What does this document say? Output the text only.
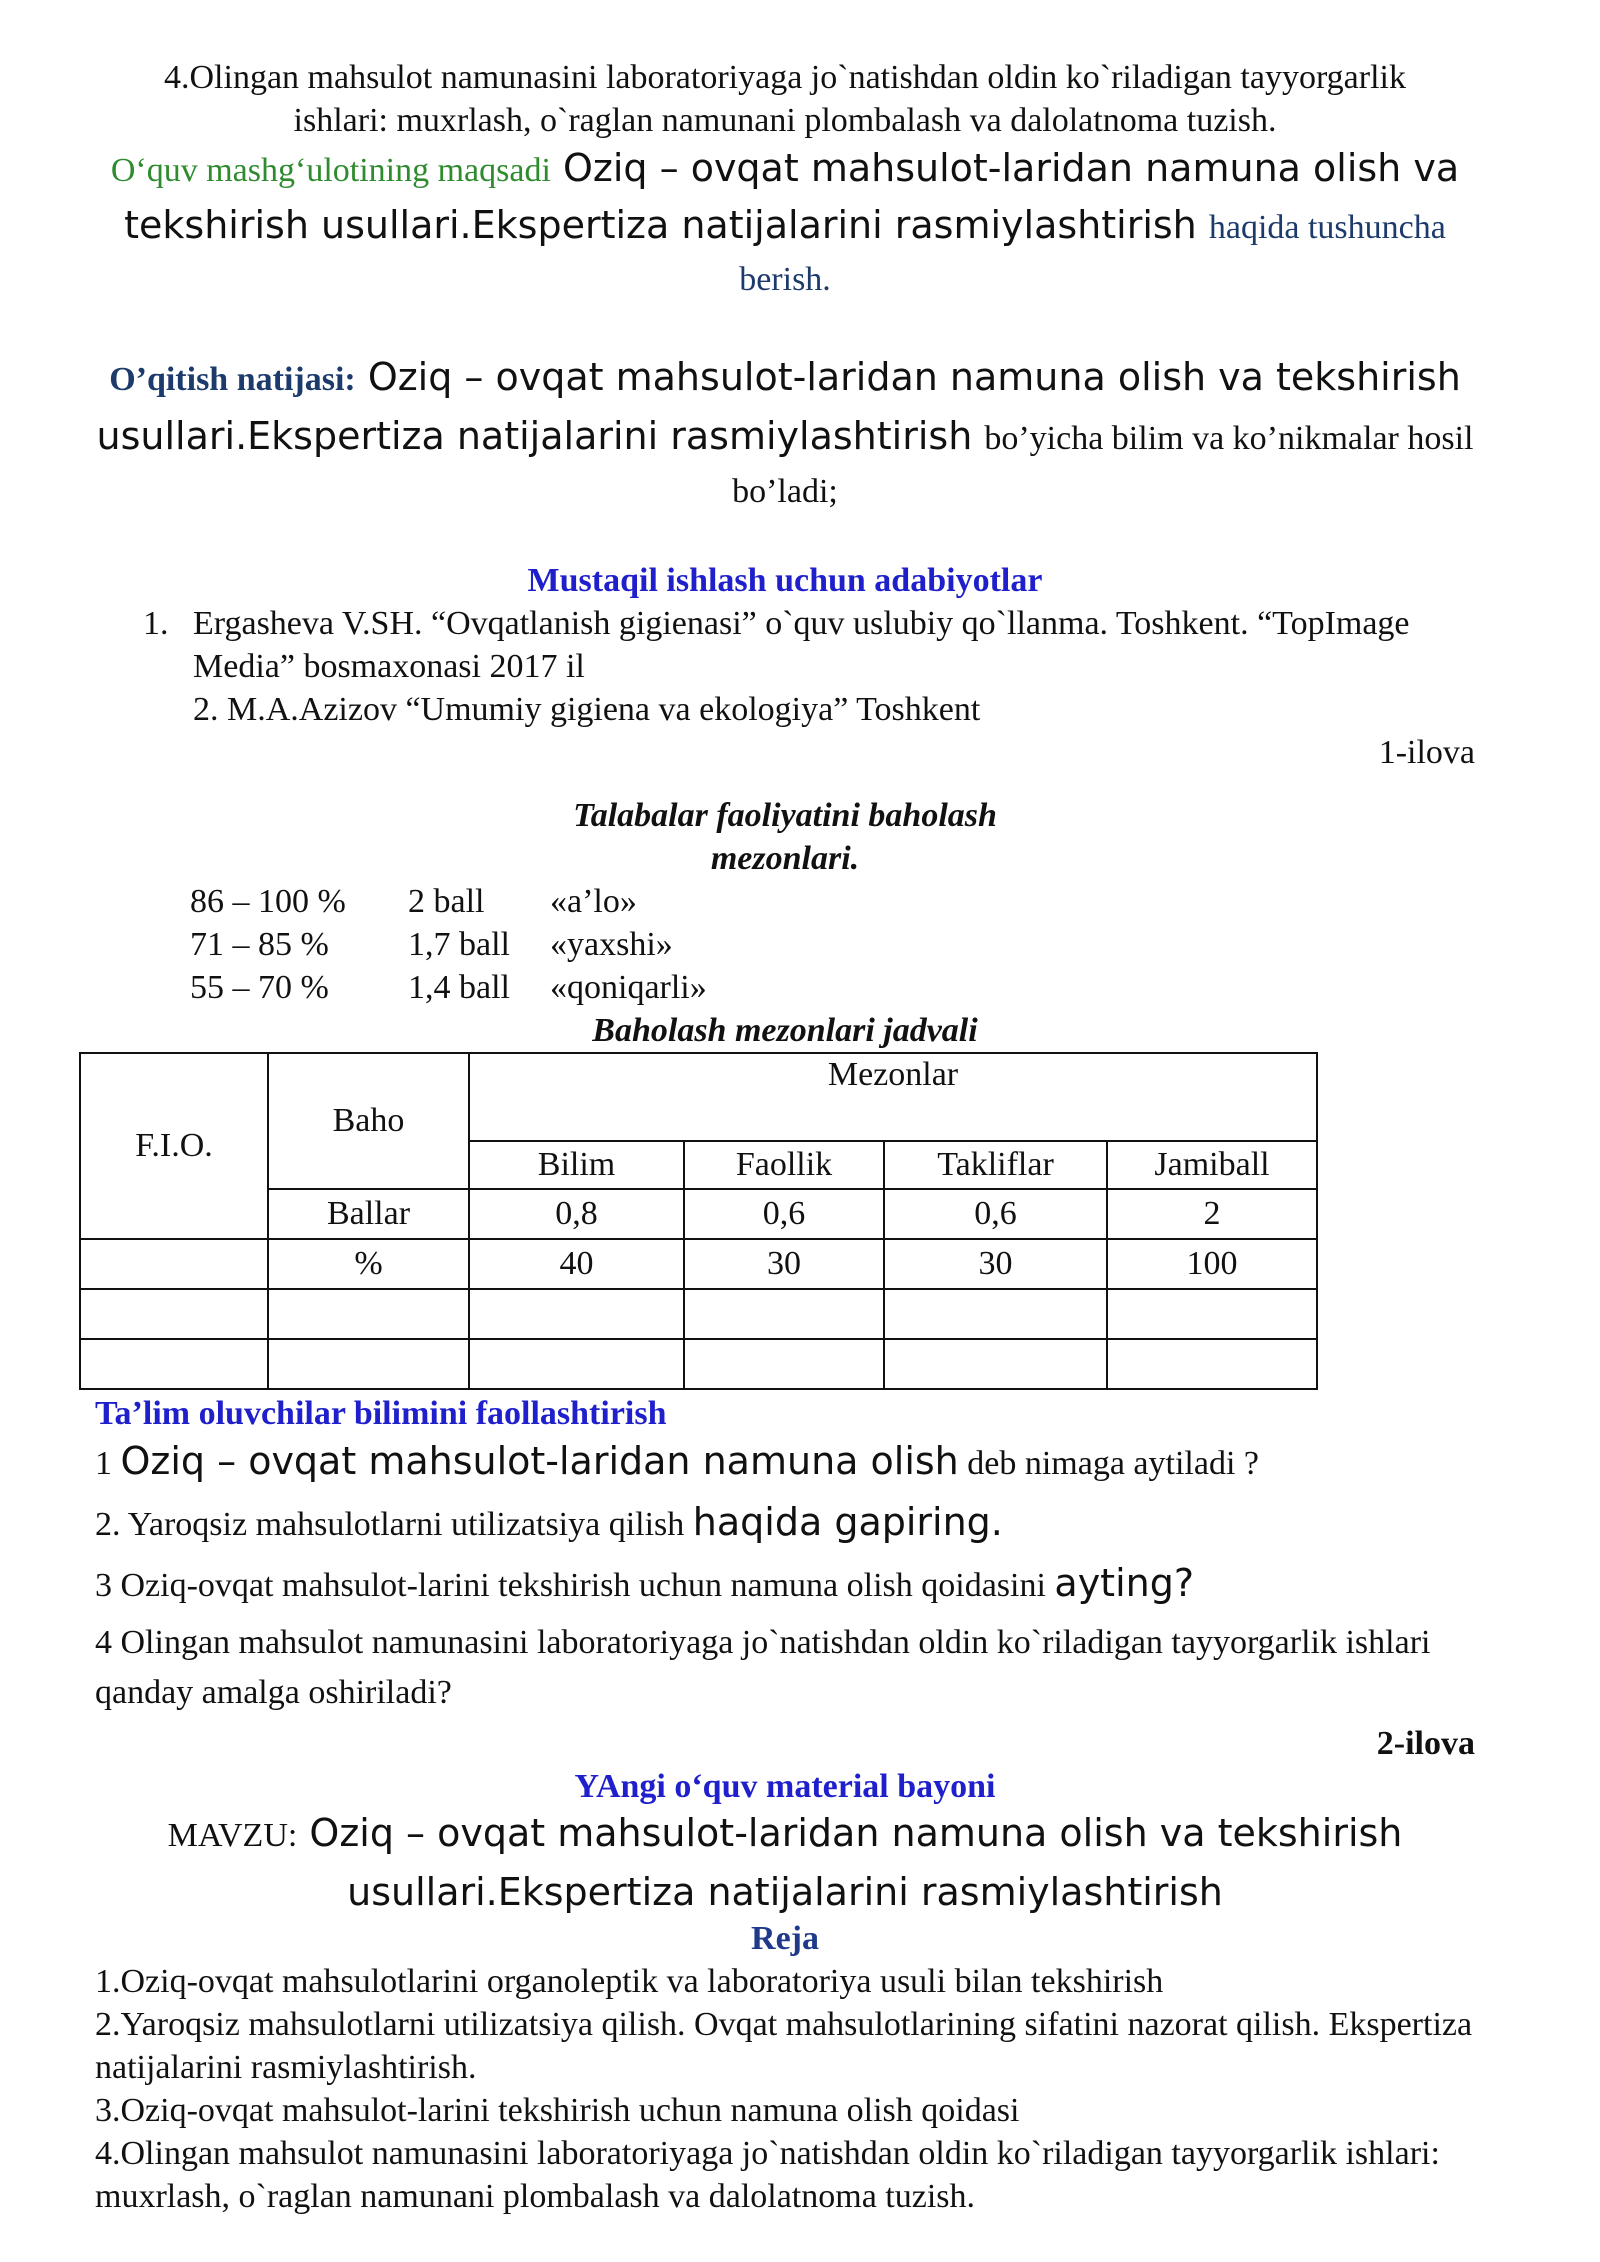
4.Olingan mahsulot namunasini laboratoriyaga jo`natishdan oldin ko`riladigan tayyorgarlik

ishlari: muxrlash, o`raglan namunani plombalash va dalolatnoma tuzish.

O‘quv mashg‘ulotining maqsadi Oziq – ovqat mahsulot-laridan namuna olish va tekshirish usullari.Ekspertiza natijalarini rasmiylashtirish haqida tushuncha berish.

O’qitish natijasi: Oziq – ovqat mahsulot-laridan namuna olish va tekshirish usullari.Ekspertiza natijalarini rasmiylashtirish bo’yicha bilim va ko’nikmalar hosil bo’ladi;

Mustaqil ishlash uchun adabiyotlar

1. Ergasheva V.SH. “Ovqatlanish gigienasi” o`quv uslubiy qo`llanma. Toshkent. “TopImage Media” bosmaxonasi 2017 il

2. M.A.Azizov “Umumiy gigiena va ekologiya” Toshkent

1-ilova

Talabalar faoliyatini baholash

mezonlari.

86 – 100 % 2 ball «a’lo»
71 – 85 % 1,7 ball «yaxshi»
55 – 70 % 1,4 ball «qoniqarli»

Baholash mezonlari jadvali

F.I.O.	Baho	Mezonlar			
		Bilim	Faollik	Takliflar	Jamiball
	Ballar	0,8	0,6	0,6	2
	%	40	30	30	100

Ta’lim oluvchilar bilimini faollashtirish

1 Oziq – ovqat mahsulot-laridan namuna olish deb nimaga aytiladi ?

2. Yaroqsiz mahsulotlarni utilizatsiya qilish haqida gapiring.

3 Oziq-ovqat mahsulot-larini tekshirish uchun namuna olish qoidasini ayting?

4 Olingan mahsulot namunasini laboratoriyaga jo`natishdan oldin ko`riladigan tayyorgarlik ishlari qanday amalga oshiriladi?

2-ilova

YAngi o‘quv material bayoni

MAVZU: Oziq – ovqat mahsulot-laridan namuna olish va tekshirish

usullari.Ekspertiza natijalarini rasmiylashtirish

Reja

1.Oziq-ovqat mahsulotlarini organoleptik va laboratoriya usuli bilan tekshirish

2.Yaroqsiz mahsulotlarni utilizatsiya qilish. Ovqat mahsulotlarining sifatini nazorat qilish. Ekspertiza natijalarini rasmiylashtirish.

3.Oziq-ovqat mahsulot-larini tekshirish uchun namuna olish qoidasi

4.Olingan mahsulot namunasini laboratoriyaga jo`natishdan oldin ko`riladigan tayyorgarlik ishlari: muxrlash, o`raglan namunani plombalash va dalolatnoma tuzish.
